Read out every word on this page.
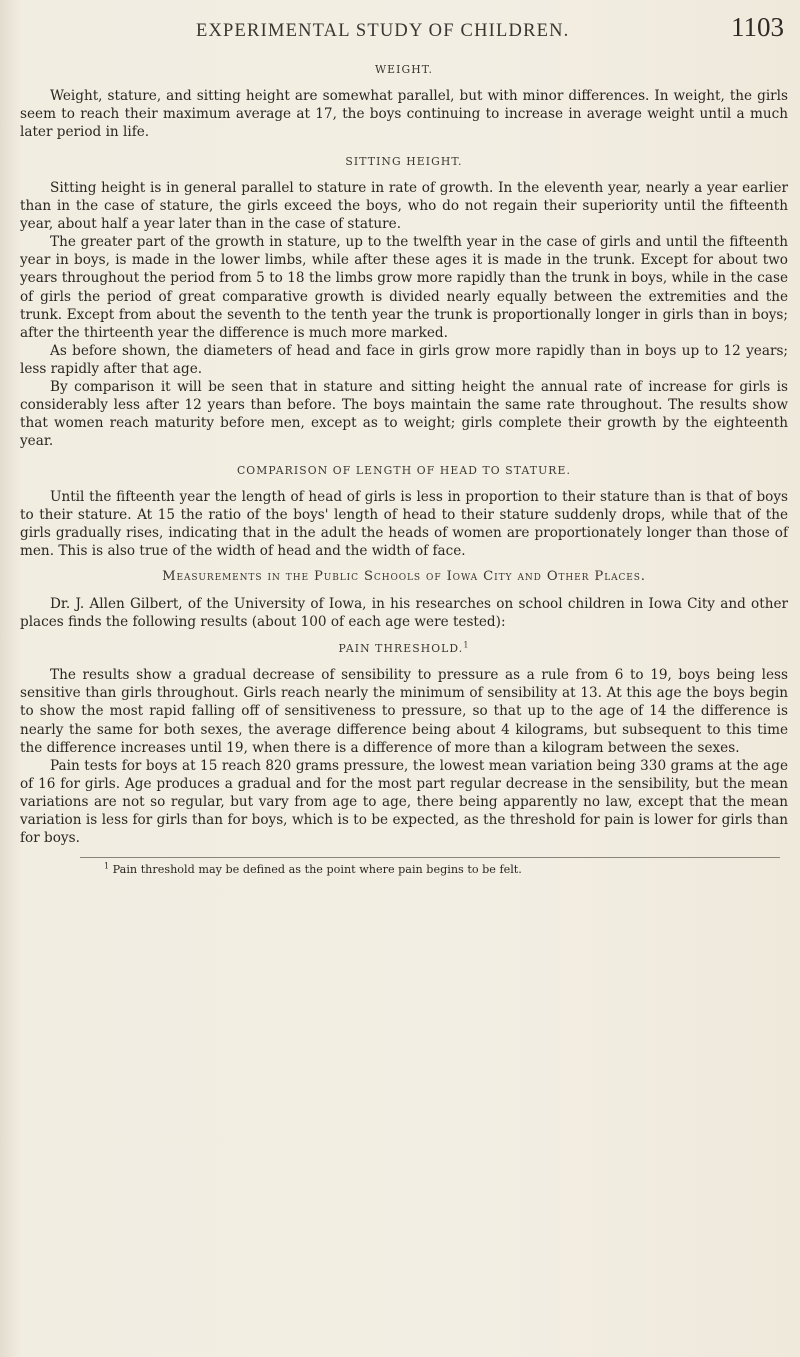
EXPERIMENTAL STUDY OF CHILDREN.	1103
WEIGHT.

Weight, stature, and sitting height are somewhat parallel, but with minor differences. In weight, the girls seem to reach their maximum average at 17, the boys continuing to increase in average weight until a much later period in life.

SITTING HEIGHT.

Sitting height is in general parallel to stature in rate of growth. In the eleventh year, nearly a year earlier than in the case of stature, the girls exceed the boys, who do not regain their superiority until the fifteenth year, about half a year later than in the case of stature.

The greater part of the growth in stature, up to the twelfth year in the case of girls and until the fifteenth year in boys, is made in the lower limbs, while after these ages it is made in the trunk. Except for about two years throughout the period from 5 to 18 the limbs grow more rapidly than the trunk in boys, while in the case of girls the period of great comparative growth is divided nearly equally between the extremities and the trunk. Except from about the seventh to the tenth year the trunk is proportionally longer in girls than in boys; after the thirteenth year the difference is much more marked.

As before shown, the diameters of head and face in girls grow more rapidly than in boys up to 12 years; less rapidly after that age.

By comparison it will be seen that in stature and sitting height the annual rate of increase for girls is considerably less after 12 years than before. The boys maintain the same rate throughout. The results show that women reach maturity before men, except as to weight; girls complete their growth by the eighteenth year.

COMPARISON OF LENGTH OF HEAD TO STATURE.

Until the fifteenth year the length of head of girls is less in proportion to their stature than is that of boys to their stature. At 15 the ratio of the boys' length of head to their stature suddenly drops, while that of the girls gradually rises, indicating that in the adult the heads of women are proportionately longer than those of men. This is also true of the width of head and the width of face.

Measurements in the Public Schools of Iowa City and Other Places.

Dr. J. Allen Gilbert, of the University of Iowa, in his researches on school children in Iowa City and other places finds the following results (about 100 of each age were tested):

PAIN THRESHOLD.$^1$

The results show a gradual decrease of sensibility to pressure as a rule from 6 to 19, boys being less sensitive than girls throughout. Girls reach nearly the minimum of sensibility at 13. At this age the boys begin to show the most rapid falling off of sensitiveness to pressure, so that up to the age of 14 the difference is nearly the same for both sexes, the average difference being about 4 kilograms, but subsequent to this time the difference increases until 19, when there is a difference of more than a kilogram between the sexes.

Pain tests for boys at 15 reach 820 grams pressure, the lowest mean variation being 330 grams at the age of 16 for girls. Age produces a gradual and for the most part regular decrease in the sensibility, but the mean variations are not so regular, but vary from age to age, there being apparently no law, except that the mean variation is less for girls than for boys, which is to be expected, as the threshold for pain is lower for girls than for boys.

$^1$ Pain threshold may be defined as the point where pain begins to be felt.
